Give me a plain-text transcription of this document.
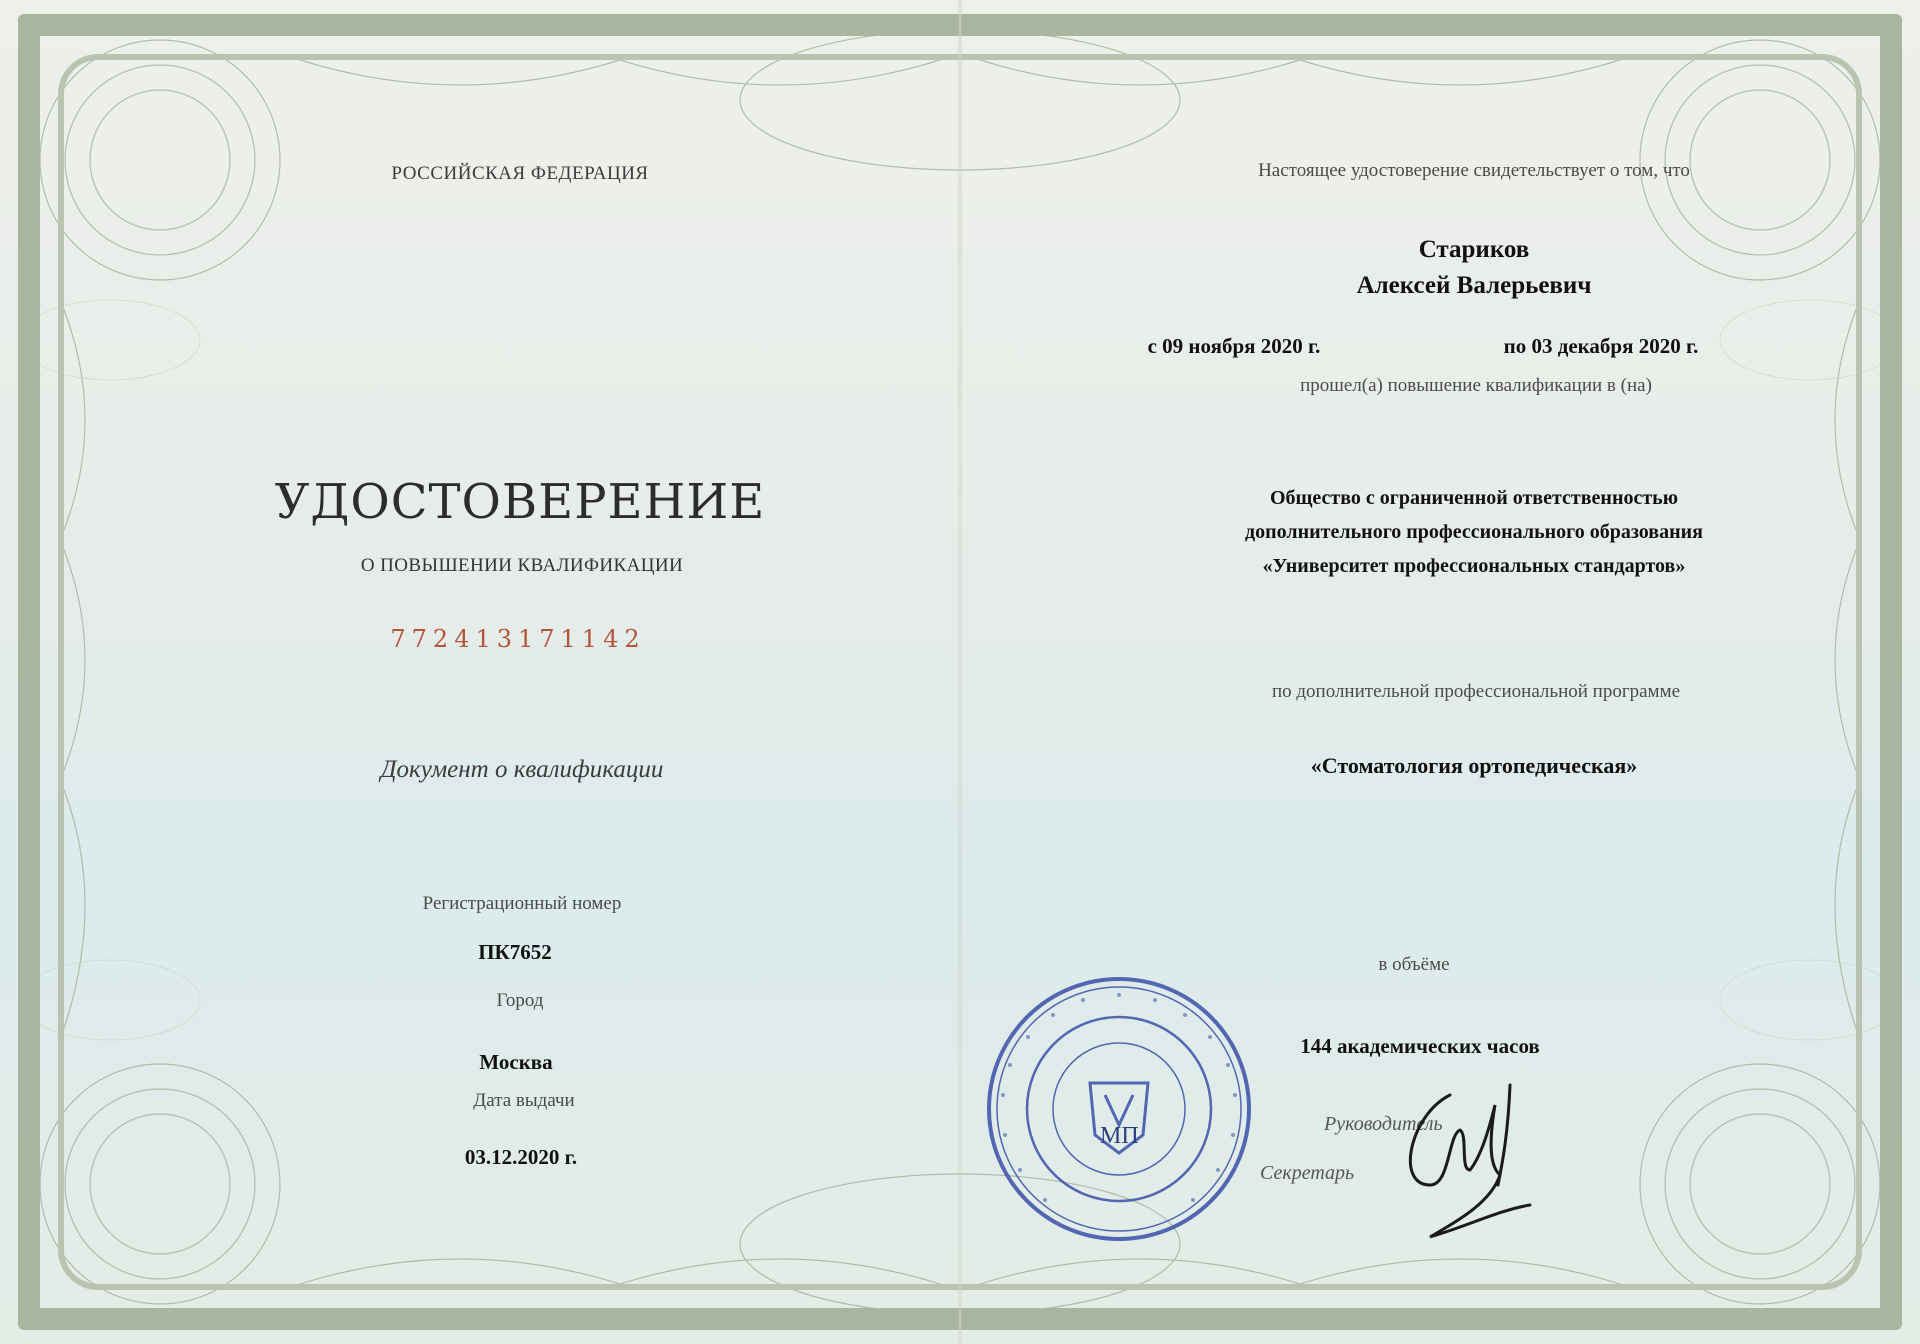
РОССИЙСКАЯ ФЕДЕРАЦИЯ
УДОСТОВЕРЕНИЕ
О ПОВЫШЕНИИ КВАЛИФИКАЦИИ
772413171142
Документ о квалификации
Регистрационный номер
ПК7652
Город
Москва
Дата выдачи
03.12.2020 г.
Настоящее удостоверение свидетельствует о том, что
Стариков
Алексей Валерьевич
с 09 ноября 2020 г.	по 03 декабря 2020 г.
прошел(а) повышение квалификации в (на)
Общество с ограниченной ответственностью
дополнительного профессионального образования
«Университет профессиональных стандартов»
по дополнительной профессиональной программе
«Стоматология ортопедическая»
в объёме
144 академических часов
Руководитель
Секретарь
МП
